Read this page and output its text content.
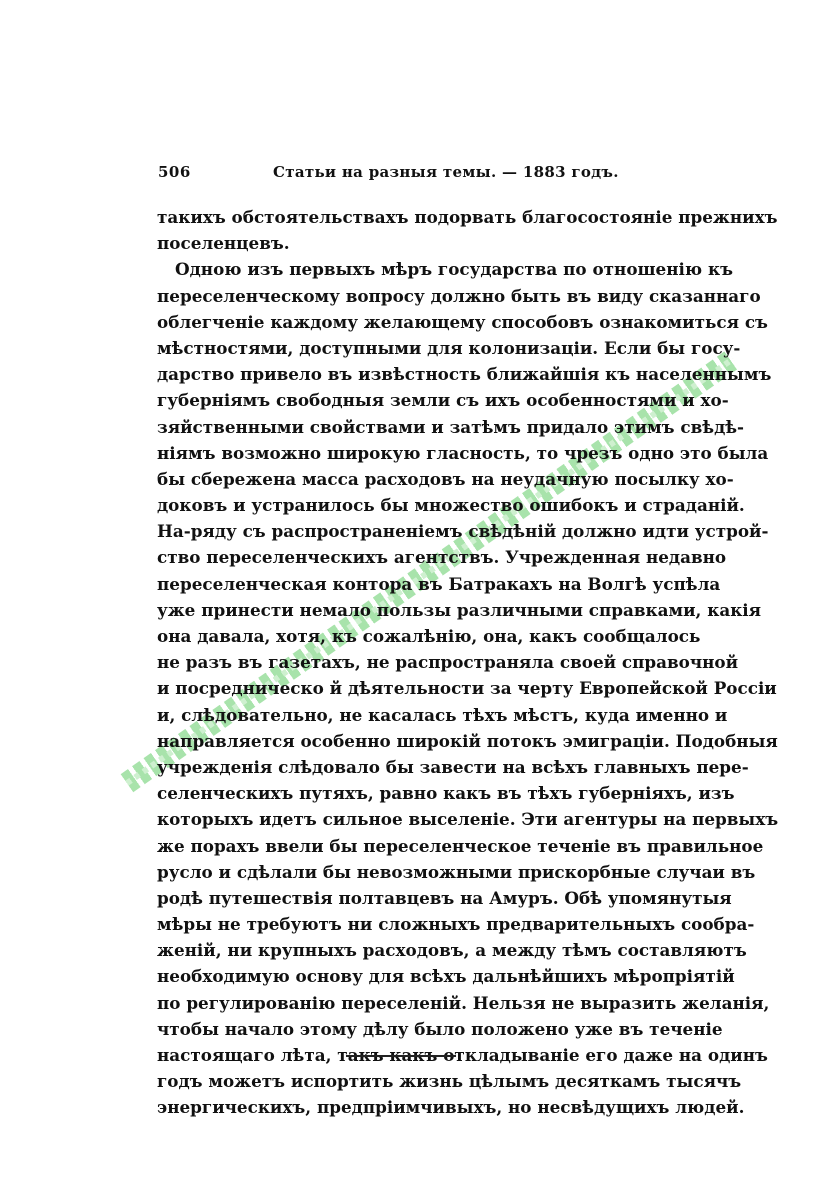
506	Статьи на разныя темы. — 1883 годъ.
такихъ обстоятельствахъ подорвать благосостояніе прежнихъ
поселенцевъ.
Одною изъ первыхъ мѣръ государства по отношенію къ
переселенческому вопросу должно быть въ виду сказаннаго
облегченіе каждому желающему способовъ ознакомиться съ
мѣстностями, доступными для колонизаціи. Если бы госу-
дарство привело въ извѣстность ближайшія къ населеннымъ
губерніямъ свободныя земли съ ихъ особенностями и хо-
зяйственными свойствами и затѣмъ придало этимъ свѣдѣ-
ніямъ возможно широкую гласность, то чрезъ одно это была
бы сбережена масса расходовъ на неудачную посылку хо-
доковъ и устранилось бы множество ошибокъ и страданій.
На-ряду съ распространеніемъ свѣдѣній должно идти устрой-
ство переселенческихъ агентствъ. Учрежденная недавно
переселенческая контора въ Батракахъ на Волгѣ успѣла
уже принести немало пользы различными справками, какія
она давала, хотя, къ сожалѣнію, она, какъ сообщалось
не разъ въ газетахъ, не распространяла своей справочной
и посредническо й дѣятельности за черту Европейской Россіи
и, слѣдовательно, не касалась тѣхъ мѣстъ, куда именно и
направляется особенно широкій потокъ эмиграціи. Подобныя
учрежденія слѣдовало бы завести на всѣхъ главныхъ пере-
селенческихъ путяхъ, равно какъ въ тѣхъ губерніяхъ, изъ
которыхъ идетъ сильное выселеніе. Эти агентуры на первыхъ
же порахъ ввели бы переселенческое теченіе въ правильное
русло и сдѣлали бы невозможными прискорбные случаи въ
родѣ путешествія полтавцевъ на Амуръ. Обѣ упомянутыя
мѣры не требуютъ ни сложныхъ предварительныхъ сообра-
женій, ни крупныхъ расходовъ, а между тѣмъ составляютъ
необходимую основу для всѣхъ дальнѣйшихъ мѣропріятій
по регулированію переселеній. Нельзя не выразить желанія,
чтобы начало этому дѣлу было положено уже въ теченіе
настоящаго лѣта, такъ какъ откладываніе его даже на одинъ
годъ можетъ испортить жизнь цѣлымъ десяткамъ тысячъ
энергическихъ, предпріимчивыхъ, но несвѣдущихъ людей.
